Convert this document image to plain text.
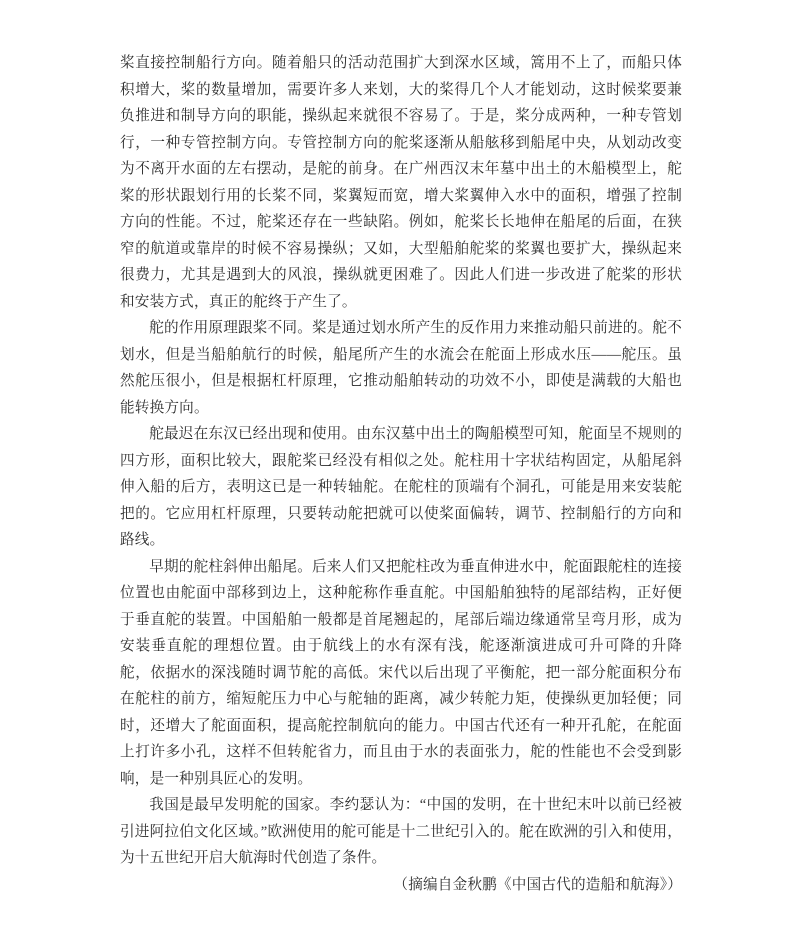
桨直接控制船行方向。随着船只的活动范围扩大到深水区域，篙用不上了，而船只体积增大，桨的数量增加，需要许多人来划，大的桨得几个人才能划动，这时候桨要兼负推进和制导方向的职能，操纵起来就很不容易了。于是，桨分成两种，一种专管划行，一种专管控制方向。专管控制方向的舵桨逐渐从船舷移到船尾中央，从划动改变为不离开水面的左右摆动，是舵的前身。在广州西汉末年墓中出土的木船模型上，舵桨的形状跟划行用的长桨不同，桨翼短而宽，增大桨翼伸入水中的面积，增强了控制方向的性能。不过，舵桨还存在一些缺陷。例如，舵桨长长地伸在船尾的后面，在狭窄的航道或靠岸的时候不容易操纵；又如，大型船舶舵桨的桨翼也要扩大，操纵起来很费力，尤其是遇到大的风浪，操纵就更困难了。因此人们进一步改进了舵桨的形状和安装方式，真正的舵终于产生了。

舵的作用原理跟桨不同。桨是通过划水所产生的反作用力来推动船只前进的。舵不划水，但是当船舶航行的时候，船尾所产生的水流会在舵面上形成水压——舵压。虽然舵压很小，但是根据杠杆原理，它推动船舶转动的功效不小，即使是满载的大船也能转换方向。

舵最迟在东汉已经出现和使用。由东汉墓中出土的陶船模型可知，舵面呈不规则的四方形，面积比较大，跟舵桨已经没有相似之处。舵柱用十字状结构固定，从船尾斜伸入船的后方，表明这已是一种转轴舵。在舵柱的顶端有个洞孔，可能是用来安装舵把的。它应用杠杆原理，只要转动舵把就可以使桨面偏转，调节、控制船行的方向和路线。

早期的舵柱斜伸出船尾。后来人们又把舵柱改为垂直伸进水中，舵面跟舵柱的连接位置也由舵面中部移到边上，这种舵称作垂直舵。中国船舶独特的尾部结构，正好便于垂直舵的装置。中国船舶一般都是首尾翘起的，尾部后端边缘通常呈弯月形，成为安装垂直舵的理想位置。由于航线上的水有深有浅，舵逐渐演进成可升可降的升降舵，依据水的深浅随时调节舵的高低。宋代以后出现了平衡舵，把一部分舵面积分布在舵柱的前方，缩短舵压力中心与舵轴的距离，减少转舵力矩，使操纵更加轻便；同时，还增大了舵面面积，提高舵控制航向的能力。中国古代还有一种开孔舵，在舵面上打许多小孔，这样不但转舵省力，而且由于水的表面张力，舵的性能也不会受到影响，是一种别具匠心的发明。

我国是最早发明舵的国家。李约瑟认为：“中国的发明，在十世纪末叶以前已经被引进阿拉伯文化区域。”欧洲使用的舵可能是十二世纪引入的。舵在欧洲的引入和使用，为十五世纪开启大航海时代创造了条件。

（摘编自金秋鹏《中国古代的造船和航海》）
